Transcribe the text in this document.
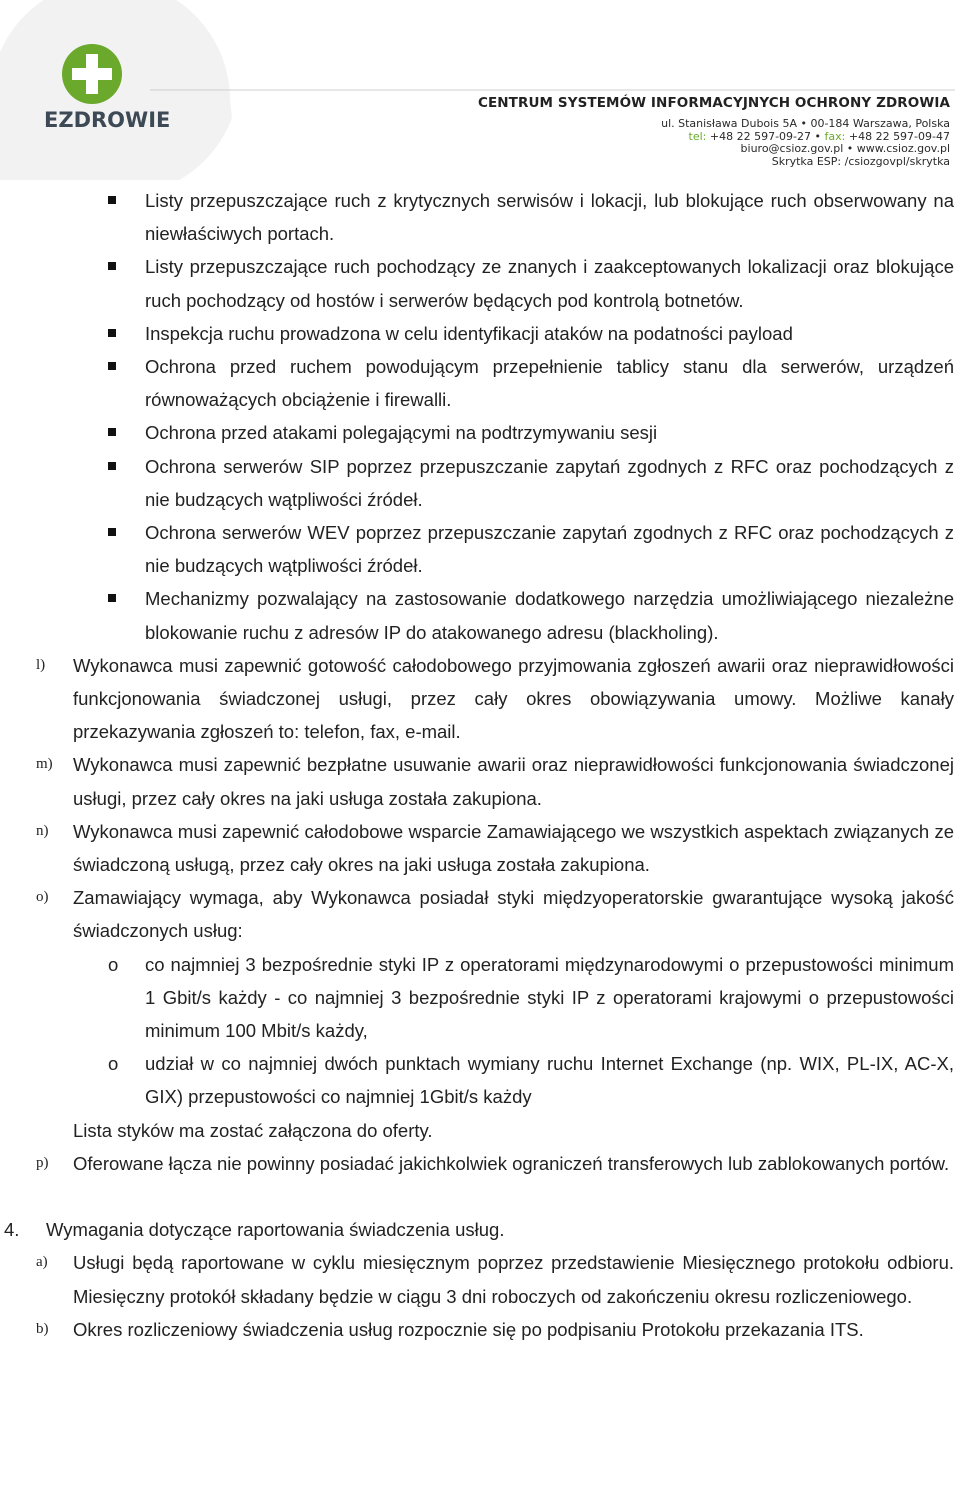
EZDROWIE
CENTRUM SYSTEMÓW INFORMACYJNYCH OCHRONY ZDROWIA
ul. Stanisława Dubois 5A • 00-184 Warszawa, Polska
tel: +48 22 597-09-27 • fax: +48 22 597-09-47
biuro@csioz.gov.pl • www.csioz.gov.pl
Skrytka ESP: /csiozgovpl/skrytka
Listy przepuszczające ruch z krytycznych serwisów i lokacji, lub blokujące ruch obserwowany na niewłaściwych portach.
Listy przepuszczające ruch pochodzący ze znanych i zaakceptowanych lokalizacji oraz blokujące ruch pochodzący od hostów i serwerów będących pod kontrolą botnetów.
Inspekcja ruchu prowadzona w celu identyfikacji ataków na podatności payload
Ochrona przed ruchem powodującym przepełnienie tablicy stanu dla serwerów, urządzeń równoważących obciążenie i firewalli.
Ochrona przed atakami polegającymi na podtrzymywaniu sesji
Ochrona serwerów SIP poprzez przepuszczanie zapytań zgodnych z RFC oraz pochodzących z nie budzących wątpliwości źródeł.
Ochrona serwerów WEV poprzez przepuszczanie zapytań zgodnych z RFC oraz pochodzących z nie budzących wątpliwości źródeł.
Mechanizmy pozwalający na zastosowanie dodatkowego narzędzia umożliwiającego niezależne blokowanie ruchu z adresów IP do atakowanego adresu (blackholing).
l) Wykonawca musi zapewnić gotowość całodobowego przyjmowania zgłoszeń awarii oraz nieprawidłowości funkcjonowania świadczonej usługi, przez cały okres obowiązywania umowy. Możliwe kanały przekazywania zgłoszeń to: telefon, fax, e-mail.
m) Wykonawca musi zapewnić bezpłatne usuwanie awarii oraz nieprawidłowości funkcjonowania świadczonej usługi, przez cały okres na jaki usługa została zakupiona.
n) Wykonawca musi zapewnić całodobowe wsparcie Zamawiającego we wszystkich aspektach związanych ze świadczoną usługą, przez cały okres na jaki usługa została zakupiona.
o) Zamawiający wymaga, aby Wykonawca posiadał styki międzyoperatorskie gwarantujące wysoką jakość świadczonych usług:
o co najmniej 3 bezpośrednie styki IP z operatorami międzynarodowymi o przepustowości minimum 1 Gbit/s każdy - co najmniej 3 bezpośrednie styki IP z operatorami krajowymi o przepustowości minimum 100 Mbit/s każdy,
o udział w co najmniej dwóch punktach wymiany ruchu Internet Exchange (np. WIX, PL-IX, AC-X, GIX) przepustowości co najmniej 1Gbit/s każdy
Lista styków ma zostać załączona do oferty.
p) Oferowane łącza nie powinny posiadać jakichkolwiek ograniczeń transferowych lub zablokowanych portów.
4. Wymagania dotyczące raportowania świadczenia usług.
a) Usługi będą raportowane w cyklu miesięcznym poprzez przedstawienie Miesięcznego protokołu odbioru. Miesięczny protokół składany będzie w ciągu 3 dni roboczych od zakończeniu okresu rozliczeniowego.
b) Okres rozliczeniowy świadczenia usług rozpocznie się po podpisaniu Protokołu przekazania ITS.
